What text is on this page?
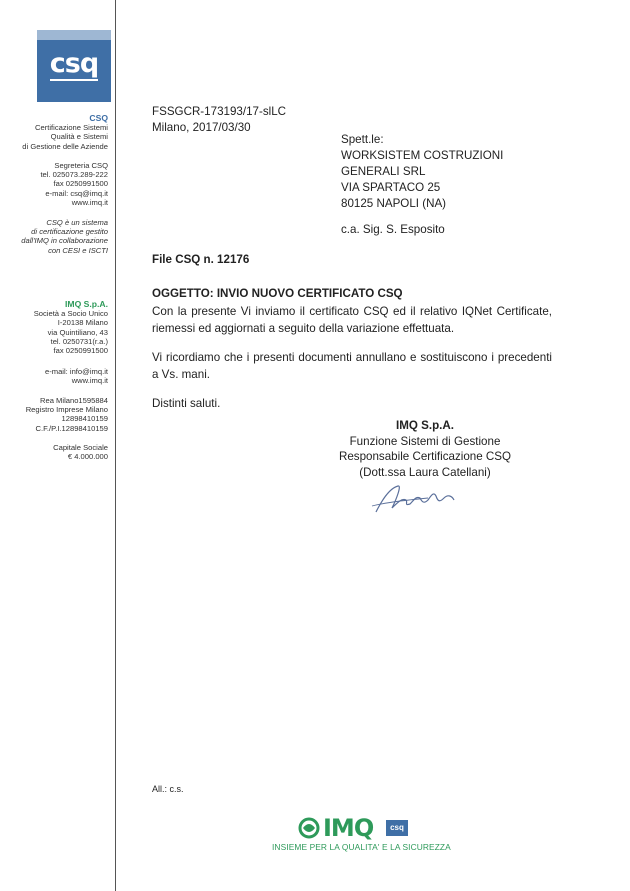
csq
CSQ
Certificazione Sistemi
Qualità e Sistemi
di Gestione delle Aziende
Segreteria CSQ
tel. 025073.289-222
fax 0250991500
e-mail: csq@imq.it
www.imq.it
CSQ è un sistema
di certificazione gestito
dall'IMQ in collaborazione
con CESI e ISCTI
IMQ S.p.A.
Società a Socio Unico
I-20138 Milano
via Quintiliano, 43
tel. 0250731(r.a.)
fax 0250991500
e-mail: info@imq.it
www.imq.it
Rea Milano1595884
Registro Imprese Milano
12898410159
C.F./P.I.12898410159
Capitale Sociale
€ 4.000.000
FSSGCR-173193/17-slLC
Milano, 2017/03/30
Spett.le:
WORKSISTEM COSTRUZIONI
GENERALI SRL
VIA SPARTACO 25
80125 NAPOLI (NA)
c.a. Sig. S. Esposito
File CSQ n. 12176
OGGETTO: INVIO NUOVO CERTIFICATO CSQ
Con la presente Vi inviamo il certificato CSQ ed il relativo IQNet Certificate, riemessi ed aggiornati a seguito della variazione effettuata.
Vi ricordiamo che i presenti documenti annullano e sostituiscono i precedenti a Vs. mani.
Distinti saluti.
IMQ S.p.A.
Funzione Sistemi di Gestione
Responsabile Certificazione CSQ
(Dott.ssa Laura Catellani)
All.: c.s.
IMQ	csq
INSIEME PER LA QUALITA' E LA SICUREZZA
